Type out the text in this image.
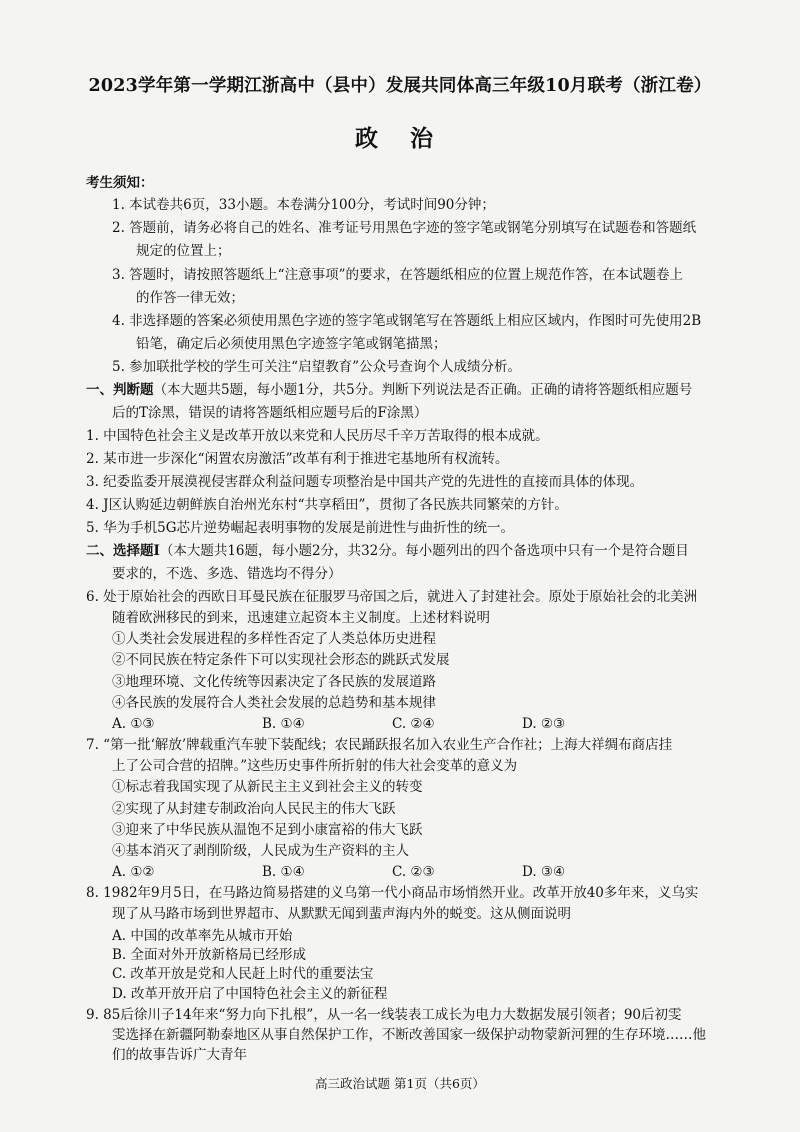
2023学年第一学期江浙高中（县中）发展共同体高三年级10月联考（浙江卷）
政 治
考生须知：
1. 本试卷共6页，33小题。本卷满分100分，考试时间90分钟；
2. 答题前，请务必将自己的姓名、准考证号用黑色字迹的签字笔或钢笔分别填写在试题卷和答题纸
规定的位置上；
3. 答题时，请按照答题纸上“注意事项”的要求，在答题纸相应的位置上规范作答，在本试题卷上
的作答一律无效；
4. 非选择题的答案必须使用黑色字迹的签字笔或钢笔写在答题纸上相应区域内，作图时可先使用2B
铅笔，确定后必须使用黑色字迹签字笔或钢笔描黑；
5. 参加联批学校的学生可关注“启望教育”公众号查询个人成绩分析。
一、判断题（本大题共5题，每小题1分，共5分。判断下列说法是否正确。正确的请将答题纸相应题号
后的T涂黑，错误的请将答题纸相应题号后的F涂黑）
1. 中国特色社会主义是改革开放以来党和人民历尽千辛万苦取得的根本成就。
2. 某市进一步深化“闲置农房激活”改革有利于推进宅基地所有权流转。
3. 纪委监委开展漠视侵害群众利益问题专项整治是中国共产党的先进性的直接而具体的体现。
4. J区认购延边朝鲜族自治州光东村“共享稻田”，贯彻了各民族共同繁荣的方针。
5. 华为手机5G芯片逆势崛起表明事物的发展是前进性与曲折性的统一。
二、选择题Ⅰ（本大题共16题，每小题2分，共32分。每小题列出的四个备选项中只有一个是符合题目
要求的，不选、多选、错选均不得分）
6. 处于原始社会的西欧日耳曼民族在征服罗马帝国之后，就进入了封建社会。原处于原始社会的北美洲
随着欧洲移民的到来，迅速建立起资本主义制度。上述材料说明
①人类社会发展进程的多样性否定了人类总体历史进程
②不同民族在特定条件下可以实现社会形态的跳跃式发展
③地理环境、文化传统等因素决定了各民族的发展道路
④各民族的发展符合人类社会发展的总趋势和基本规律
A. ①③	B. ①④	C. ②④	D. ②③
7. “第一批‘解放’牌载重汽车驶下装配线；农民踊跃报名加入农业生产合作社；上海大祥绸布商店挂
上了公司合营的招牌。”这些历史事件所折射的伟大社会变革的意义为
①标志着我国实现了从新民主主义到社会主义的转变
②实现了从封建专制政治向人民民主的伟大飞跃
③迎来了中华民族从温饱不足到小康富裕的伟大飞跃
④基本消灭了剥削阶级，人民成为生产资料的主人
A. ①②	B. ①④	C. ②③	D. ③④
8. 1982年9月5日，在马路边简易搭建的义乌第一代小商品市场悄然开业。改革开放40多年来，义乌实
现了从马路市场到世界超市、从默默无闻到蜚声海内外的蜕变。这从侧面说明
A. 中国的改革率先从城市开始
B. 全面对外开放新格局已经形成
C. 改革开放是党和人民赶上时代的重要法宝
D. 改革开放开启了中国特色社会主义的新征程
高三政治试题 第1页（共6页）
9. 85后徐川子14年来“努力向下扎根”，从一名一线装表工成长为电力大数据发展引领者；90后初雯
雯选择在新疆阿勒泰地区从事自然保护工作，不断改善国家一级保护动物蒙新河狸的生存环境……他
们的故事告诉广大青年
